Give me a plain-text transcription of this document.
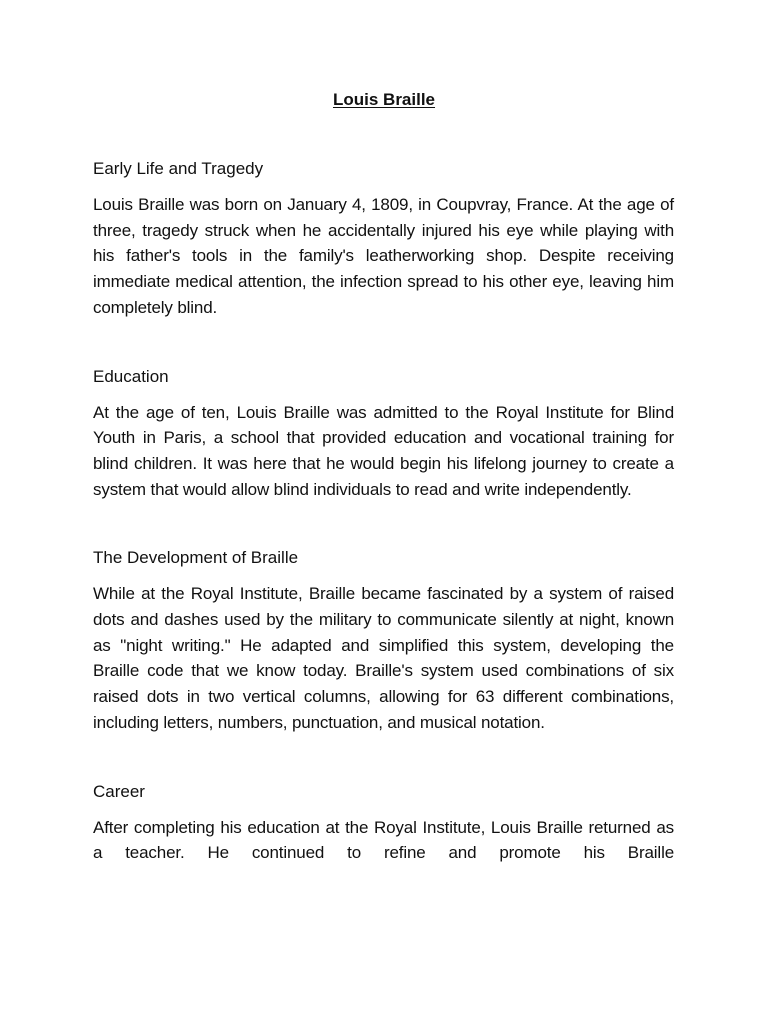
Louis Braille

Early Life and Tragedy

Louis Braille was born on January 4, 1809, in Coupvray, France. At the age of three, tragedy struck when he accidentally injured his eye while playing with his father's tools in the family's leatherworking shop. Despite receiving immediate medical attention, the infection spread to his other eye, leaving him completely blind.

Education

At the age of ten, Louis Braille was admitted to the Royal Institute for Blind Youth in Paris, a school that provided education and vocational training for blind children. It was here that he would begin his lifelong journey to create a system that would allow blind individuals to read and write independently.

The Development of Braille

While at the Royal Institute, Braille became fascinated by a system of raised dots and dashes used by the military to communicate silently at night, known as "night writing." He adapted and simplified this system, developing the Braille code that we know today. Braille's system used combinations of six raised dots in two vertical columns, allowing for 63 different combinations, including letters, numbers, punctuation, and musical notation.

Career

After completing his education at the Royal Institute, Louis Braille returned as a teacher. He continued to refine and promote his Braille
